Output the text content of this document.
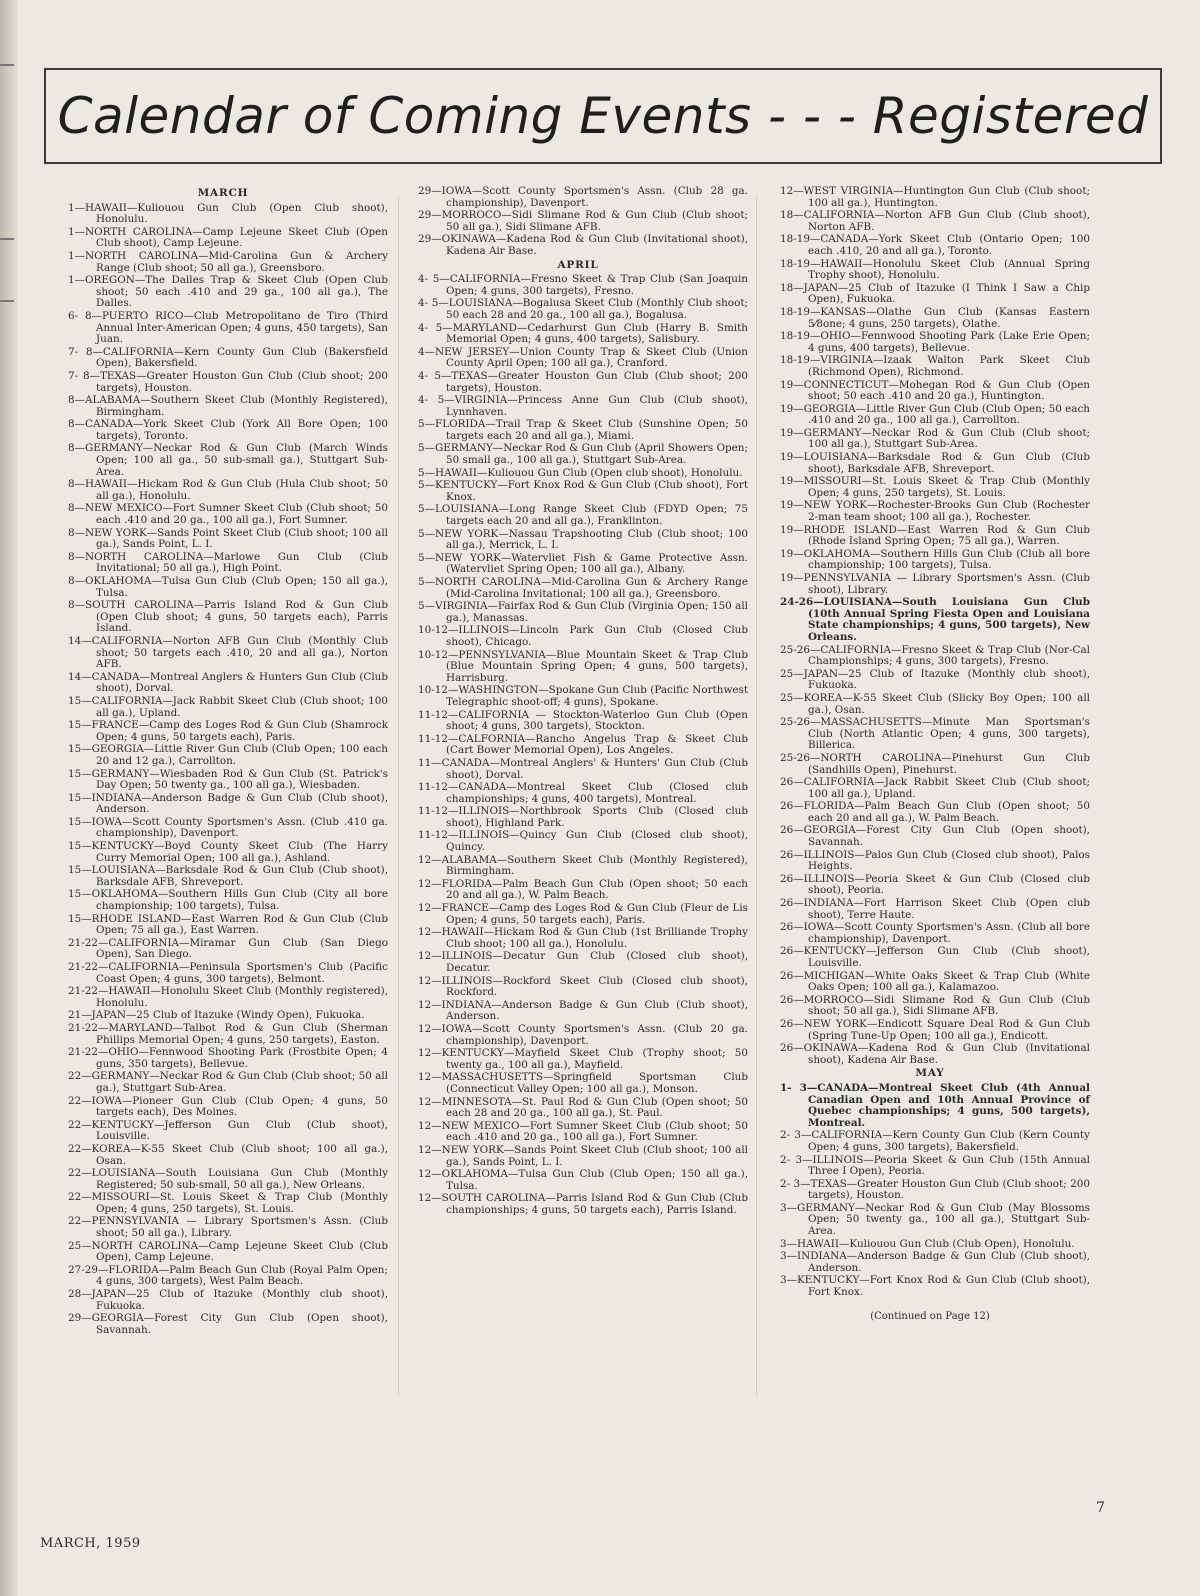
Calendar of Coming Events - - - Registered
MARCH
1—HAWAII—Kuliouou Gun Club (Open Club shoot), Honolulu.
1—NORTH CAROLINA—Camp Lejeune Skeet Club (Open Club shoot), Camp Lejeune.
1—NORTH CAROLINA—Mid-Carolina Gun & Archery Range (Club shoot; 50 all ga.), Greensboro.
1—OREGON—The Dalles Trap & Skeet Club (Open Club shoot; 50 each .410 and 29 ga., 100 all ga.), The Dalles.
6- 8—PUERTO RICO—Club Metropolitano de Tiro (Third Annual Inter-American Open; 4 guns, 450 targets), San Juan.
7- 8—CALIFORNIA—Kern County Gun Club (Bakersfield Open), Bakersfield.
7- 8—TEXAS—Greater Houston Gun Club (Club shoot; 200 targets), Houston.
8—ALABAMA—Southern Skeet Club (Monthly Registered), Birmingham.
8—CANADA—York Skeet Club (York All Bore Open; 100 targets), Toronto.
8—GERMANY—Neckar Rod & Gun Club (March Winds Open; 100 all ga., 50 sub-small ga.), Stuttgart Sub-Area.
8—HAWAII—Hickam Rod & Gun Club (Hula Club shoot; 50 all ga.), Honolulu.
8—NEW MEXICO—Fort Sumner Skeet Club (Club shoot; 50 each .410 and 20 ga., 100 all ga.), Fort Sumner.
8—NEW YORK—Sands Point Skeet Club (Club shoot; 100 all ga.), Sands Point, L. I.
8—NORTH CAROLINA—Marlowe Gun Club (Club Invitational; 50 all ga.), High Point.
8—OKLAHOMA—Tulsa Gun Club (Club Open; 150 all ga.), Tulsa.
8—SOUTH CAROLINA—Parris Island Rod & Gun Club (Open Club shoot; 4 guns, 50 targets each), Parris Island.
14—CALIFORNIA—Norton AFB Gun Club (Monthly Club shoot; 50 targets each .410, 20 and all ga.), Norton AFB.
14—CANADA—Montreal Anglers & Hunters Gun Club (Club shoot), Dorval.
15—CALIFORNIA—Jack Rabbit Skeet Club (Club shoot; 100 all ga.), Upland.
15—FRANCE—Camp des Loges Rod & Gun Club (Shamrock Open; 4 guns, 50 targets each), Paris.
15—GEORGIA—Little River Gun Club (Club Open; 100 each 20 and 12 ga.), Carrollton.
15—GERMANY—Wiesbaden Rod & Gun Club (St. Patrick's Day Open; 50 twenty ga., 100 all ga.), Wiesbaden.
15—INDIANA—Anderson Badge & Gun Club (Club shoot), Anderson.
15—IOWA—Scott County Sportsmen's Assn. (Club .410 ga. championship), Davenport.
15—KENTUCKY—Boyd County Skeet Club (The Harry Curry Memorial Open; 100 all ga.), Ashland.
15—LOUISIANA—Barksdale Rod & Gun Club (Club shoot), Barksdale AFB, Shreveport.
15—OKLAHOMA—Southern Hills Gun Club (City all bore championship; 100 targets), Tulsa.
15—RHODE ISLAND—East Warren Rod & Gun Club (Club Open; 75 all ga.), East Warren.
21-22—CALIFORNIA—Miramar Gun Club (San Diego Open), San Diego.
21-22—CALIFORNIA—Peninsula Sportsmen's Club (Pacific Coast Open; 4 guns, 300 targets), Belmont.
21-22—HAWAII—Honolulu Skeet Club (Monthly registered), Honolulu.
21—JAPAN—25 Club of Itazuke (Windy Open), Fukuoka.
21-22—MARYLAND—Talbot Rod & Gun Club (Sherman Phillips Memorial Open; 4 guns, 250 targets), Easton.
21-22—OHIO—Fennwood Shooting Park (Frostbite Open; 4 guns, 350 targets), Bellevue.
22—GERMANY—Neckar Rod & Gun Club (Club shoot; 50 all ga.), Stuttgart Sub-Area.
22—IOWA—Pioneer Gun Club (Club Open; 4 guns, 50 targets each), Des Moines.
22—KENTUCKY—Jefferson Gun Club (Club shoot), Louisville.
22—KOREA—K-55 Skeet Club (Club shoot; 100 all ga.), Osan.
22—LOUISIANA—South Louisiana Gun Club (Monthly Registered; 50 sub-small, 50 all ga.), New Orleans.
22—MISSOURI—St. Louis Skeet & Trap Club (Monthly Open; 4 guns, 250 targets), St. Louis.
22—PENNSYLVANIA — Library Sportsmen's Assn. (Club shoot; 50 all ga.), Library.
25—NORTH CAROLINA—Camp Lejeune Skeet Club (Club Open), Camp Lejeune.
27-29—FLORIDA—Palm Beach Gun Club (Royal Palm Open; 4 guns, 300 targets), West Palm Beach.
28—JAPAN—25 Club of Itazuke (Monthly club shoot), Fukuoka.
29—GEORGIA—Forest City Gun Club (Open shoot), Savannah.
29—IOWA—Scott County Sportsmen's Assn. (Club 28 ga. championship), Davenport.
29—MORROCO—Sidi Slimane Rod & Gun Club (Club shoot; 50 all ga.), Sidi Slimane AFB.
29—OKINAWA—Kadena Rod & Gun Club (Invitational shoot), Kadena Air Base.
APRIL
4- 5—CALIFORNIA—Fresno Skeet & Trap Club (San Joaquin Open; 4 guns, 300 targets), Fresno.
4- 5—LOUISIANA—Bogalusa Skeet Club (Monthly Club shoot; 50 each 28 and 20 ga., 100 all ga.), Bogalusa.
4- 5—MARYLAND—Cedarhurst Gun Club (Harry B. Smith Memorial Open; 4 guns, 400 targets), Salisbury.
4—NEW JERSEY—Union County Trap & Skeet Club (Union County April Open; 100 all ga.), Cranford.
4- 5—TEXAS—Greater Houston Gun Club (Club shoot; 200 targets), Houston.
4- 5—VIRGINIA—Princess Anne Gun Club (Club shoot), Lynnhaven.
5—FLORIDA—Trail Trap & Skeet Club (Sunshine Open; 50 targets each 20 and all ga.), Miami.
5—GERMANY—Neckar Rod & Gun Club (April Showers Open; 50 small ga., 100 all ga.), Stuttgart Sub-Area.
5—HAWAII—Kuliouou Gun Club (Open club shoot), Honolulu.
5—KENTUCKY—Fort Knox Rod & Gun Club (Club shoot), Fort Knox.
5—LOUISIANA—Long Range Skeet Club (FDYD Open; 75 targets each 20 and all ga.), Franklinton.
5—NEW YORK—Nassau Trapshooting Club (Club shoot; 100 all ga.), Merrick, L. I.
5—NEW YORK—Watervliet Fish & Game Protective Assn. (Watervliet Spring Open; 100 all ga.), Albany.
5—NORTH CAROLINA—Mid-Carolina Gun & Archery Range (Mid-Carolina Invitational; 100 all ga.), Greensboro.
5—VIRGINIA—Fairfax Rod & Gun Club (Virginia Open; 150 all ga.), Manassas.
10-12—ILLINOIS—Lincoln Park Gun Club (Closed Club shoot), Chicago.
10-12—PENNSYLVANIA—Blue Mountain Skeet & Trap Club (Blue Mountain Spring Open; 4 guns, 500 targets), Harrisburg.
10-12—WASHINGTON—Spokane Gun Club (Pacific Northwest Telegraphic shoot-off; 4 guns), Spokane.
11-12—CALIFORNIA — Stockton-Waterloo Gun Club (Open shoot; 4 guns, 300 targets), Stockton.
11-12—CALFORNIA—Rancho Angelus Trap & Skeet Club (Cart Bower Memorial Open), Los Angeles.
11—CANADA—Montreal Anglers' & Hunters' Gun Club (Club shoot), Dorval.
11-12—CANADA—Montreal Skeet Club (Closed club championships; 4 guns, 400 targets), Montreal.
11-12—ILLINOIS—Northbrook Sports Club (Closed club shoot), Highland Park.
11-12—ILLINOIS—Quincy Gun Club (Closed club shoot), Quincy.
12—ALABAMA—Southern Skeet Club (Monthly Registered), Birmingham.
12—FLORIDA—Palm Beach Gun Club (Open shoot; 50 each 20 and all ga.), W. Palm Beach.
12—FRANCE—Camp des Loges Rod & Gun Club (Fleur de Lis Open; 4 guns, 50 targets each), Paris.
12—HAWAII—Hickam Rod & Gun Club (1st Brilliande Trophy Club shoot; 100 all ga.), Honolulu.
12—ILLINOIS—Decatur Gun Club (Closed club shoot), Decatur.
12—ILLINOIS—Rockford Skeet Club (Closed club shoot), Rockford.
12—INDIANA—Anderson Badge & Gun Club (Club shoot), Anderson.
12—IOWA—Scott County Sportsmen's Assn. (Club 20 ga. championship), Davenport.
12—KENTUCKY—Mayfield Skeet Club (Trophy shoot; 50 twenty ga., 100 all ga.), Mayfield.
12—MASSACHUSETTS—Springfield Sportsman Club (Connecticut Valley Open; 100 all ga.), Monson.
12—MINNESOTA—St. Paul Rod & Gun Club (Open shoot; 50 each 28 and 20 ga., 100 all ga.), St. Paul.
12—NEW MEXICO—Fort Sumner Skeet Club (Club shoot; 50 each .410 and 20 ga., 100 all ga.), Fort Sumner.
12—NEW YORK—Sands Point Skeet Club (Club shoot; 100 all ga.), Sands Point, L. I.
12—OKLAHOMA—Tulsa Gun Club (Club Open; 150 all ga.), Tulsa.
12—SOUTH CAROLINA—Parris Island Rod & Gun Club (Club championships; 4 guns, 50 targets each), Parris Island.
12—WEST VIRGINIA—Huntington Gun Club (Club shoot; 100 all ga.), Huntington.
18—CALIFORNIA—Norton AFB Gun Club (Club shoot), Norton AFB.
18-19—CANADA—York Skeet Club (Ontario Open; 100 each .410, 20 and all ga.), Toronto.
18-19—HAWAII—Honolulu Skeet Club (Annual Spring Trophy shoot), Honolulu.
18—JAPAN—25 Club of Itazuke (I Think I Saw a Chip Open), Fukuoka.
18-19—KANSAS—Olathe Gun Club (Kansas Eastern 5⁄8one; 4 guns, 250 targets), Olathe.
18-19—OHIO—Fennwood Shooting Park (Lake Erie Open; 4 guns, 400 targets), Bellevue.
18-19—VIRGINIA—Izaak Walton Park Skeet Club (Richmond Open), Richmond.
19—CONNECTICUT—Mohegan Rod & Gun Club (Open shoot; 50 each .410 and 20 ga.), Huntington.
19—GEORGIA—Little River Gun Club (Club Open; 50 each .410 and 20 ga., 100 all ga.), Carrollton.
19—GERMANY—Neckar Rod & Gun Club (Club shoot; 100 all ga.), Stuttgart Sub-Area.
19—LOUISIANA—Barksdale Rod & Gun Club (Club shoot), Barksdale AFB, Shreveport.
19—MISSOURI—St. Louis Skeet & Trap Club (Monthly Open; 4 guns, 250 targets), St. Louis.
19—NEW YORK—Rochester-Brooks Gun Club (Rochester 2-man team shoot; 100 all ga.), Rochester.
19—RHODE ISLAND—East Warren Rod & Gun Club (Rhode Island Spring Open; 75 all ga.), Warren.
19—OKLAHOMA—Southern Hills Gun Club (Club all bore championship; 100 targets), Tulsa.
19—PENNSYLVANIA — Library Sportsmen's Assn. (Club shoot), Library.
24-26—LOUISIANA—South Louisiana Gun Club (10th Annual Spring Fiesta Open and Louisiana State championships; 4 guns, 500 targets), New Orleans.
25-26—CALIFORNIA—Fresno Skeet & Trap Club (Nor-Cal Championships; 4 guns, 300 targets), Fresno.
25—JAPAN—25 Club of Itazuke (Monthly club shoot), Fukuoka.
25—KOREA—K-55 Skeet Club (Slicky Boy Open; 100 all ga.), Osan.
25-26—MASSACHUSETTS—Minute Man Sportsman's Club (North Atlantic Open; 4 guns, 300 targets), Billerica.
25-26—NORTH CAROLINA—Pinehurst Gun Club (Sandhills Open), Pinehurst.
26—CALIFORNIA—Jack Rabbit Skeet Club (Club shoot; 100 all ga.), Upland.
26—FLORIDA—Palm Beach Gun Club (Open shoot; 50 each 20 and all ga.), W. Palm Beach.
26—GEORGIA—Forest City Gun Club (Open shoot), Savannah.
26—ILLINOIS—Palos Gun Club (Closed club shoot), Palos Heights.
26—ILLINOIS—Peoria Skeet & Gun Club (Closed club shoot), Peoria.
26—INDIANA—Fort Harrison Skeet Club (Open club shoot), Terre Haute.
26—IOWA—Scott County Sportsmen's Assn. (Club all bore championship), Davenport.
26—KENTUCKY—Jefferson Gun Club (Club shoot), Louisville.
26—MICHIGAN—White Oaks Skeet & Trap Club (White Oaks Open; 100 all ga.), Kalamazoo.
26—MORROCO—Sidi Slimane Rod & Gun Club (Club shoot; 50 all ga.), Sidi Slimane AFB.
26—NEW YORK—Endicott Square Deal Rod & Gun Club (Spring Tune-Up Open; 100 all ga.), Endicott.
26—OKINAWA—Kadena Rod & Gun Club (Invitational shoot), Kadena Air Base.
MAY
1- 3—CANADA—Montreal Skeet Club (4th Annual Canadian Open and 10th Annual Province of Quebec championships; 4 guns, 500 targets), Montreal.
2- 3—CALIFORNIA—Kern County Gun Club (Kern County Open; 4 guns, 300 targets), Bakersfield.
2- 3—ILLINOIS—Peoria Skeet & Gun Club (15th Annual Three I Open), Peoria.
2- 3—TEXAS—Greater Houston Gun Club (Club shoot; 200 targets), Houston.
3—GERMANY—Neckar Rod & Gun Club (May Blossoms Open; 50 twenty ga., 100 all ga.), Stuttgart Sub-Area.
3—HAWAII—Kuliouou Gun Club (Club Open), Honolulu.
3—INDIANA—Anderson Badge & Gun Club (Club shoot), Anderson.
3—KENTUCKY—Fort Knox Rod & Gun Club (Club shoot), Fort Knox.
(Continued on Page 12)
MARCH, 1959
7
